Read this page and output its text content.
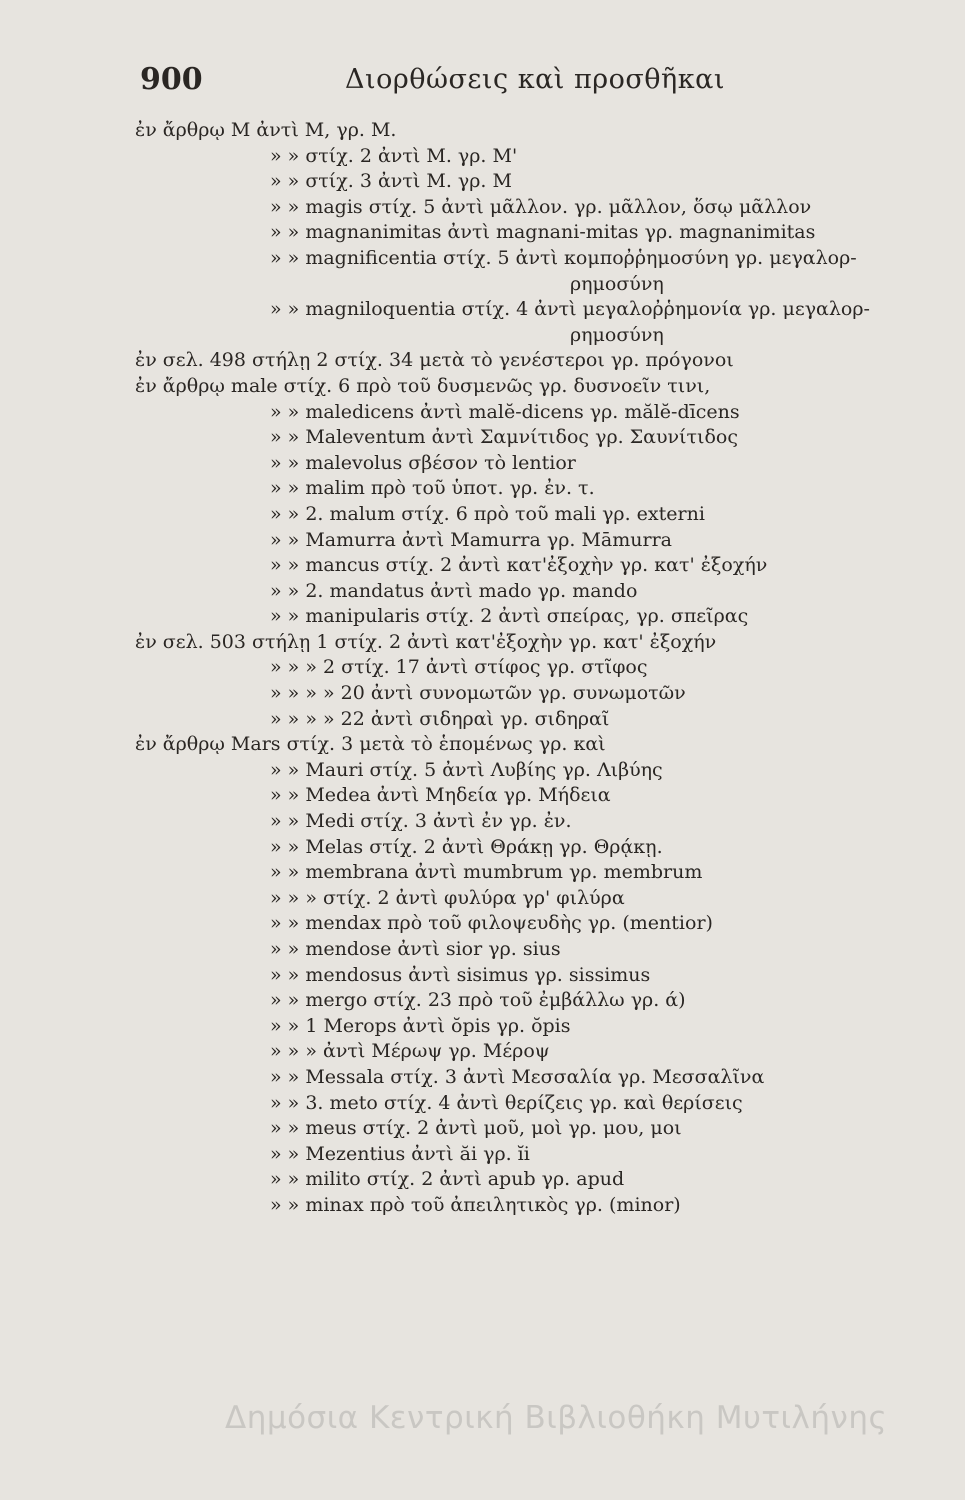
900	Διορθώσεις καὶ προσθῆκαι
ἐν ἄρθρῳ M ἀντὶ M, γρ. M.
» » στίχ. 2 ἀντὶ M. γρ. M'
» » στίχ. 3 ἀντὶ M. γρ. M
» » magis στίχ. 5 ἀντὶ μᾶλλον. γρ. μᾶλλον, ὅσῳ μᾶλλον
» » magnanimitas ἀντὶ magnani-mitas γρ. magnanimitas
» » magnificentia στίχ. 5 ἀντὶ κομποῤῥημοσύνη γρ. μεγαλορ-
ρημοσύνη
» » magniloquentia στίχ. 4 ἀντὶ μεγαλοῤῥημονία γρ. μεγαλορ-
ρημοσύνη
ἐν σελ. 498 στήλῃ 2 στίχ. 34 μετὰ τὸ γενέστεροι γρ. πρόγονοι
ἐν ἄρθρῳ male στίχ. 6 πρὸ τοῦ δυσμενῶς γρ. δυσνοεῖν τινι,
» » maledicens ἀντὶ malĕ-dicens γρ. mălĕ-dīcens
» » Maleventum ἀντὶ Σαμνίτιδος γρ. Σαυνίτιδος
» » malevolus σβέσον τὸ lentior
» » malim πρὸ τοῦ ὑποτ. γρ. ἐν. τ.
» » 2. malum στίχ. 6 πρὸ τοῦ mali γρ. externi
» » Mamurra ἀντὶ Mamurra γρ. Māmurra
» » mancus στίχ. 2 ἀντὶ κατ'ἐξοχὴν γρ. κατ' ἐξοχήν
» » 2. mandatus ἀντὶ mado γρ. mando
» » manipularis στίχ. 2 ἀντὶ σπείρας, γρ. σπεῖρας
ἐν σελ. 503 στήλῃ 1 στίχ. 2 ἀντὶ κατ'ἐξοχὴν γρ. κατ' ἐξοχήν
» » » 2 στίχ. 17 ἀντὶ στίφος γρ. στῖφος
» » » » 20 ἀντὶ συνομωτῶν γρ. συνωμοτῶν
» » » » 22 ἀντὶ σιδηραὶ γρ. σιδηραῖ
ἐν ἄρθρῳ Mars στίχ. 3 μετὰ τὸ ἑπομένως γρ. καὶ
» » Mauri στίχ. 5 ἀντὶ Λυβίης γρ. Λιβύης
» » Medea ἀντὶ Μηδεία γρ. Μήδεια
» » Medi στίχ. 3 ἀντὶ ἐν γρ. ἐν.
» » Melas στίχ. 2 ἀντὶ Θράκῃ γρ. Θρᾴκῃ.
» » membrana ἀντὶ mumbrum γρ. membrum
» » » στίχ. 2 ἀντὶ φυλύρα γρ' φιλύρα
» » mendax πρὸ τοῦ φιλοψευδὴς γρ. (mentior)
» » mendose ἀντὶ sior γρ. sius
» » mendosus ἀντὶ sisimus γρ. sissimus
» » mergo στίχ. 23 πρὸ τοῦ ἐμβάλλω γρ. ά)
» » 1 Merops ἀντὶ ŏpis γρ. ŏpis
» » » ἀντὶ Μέρωψ γρ. Μέροψ
» » Messala στίχ. 3 ἀντὶ Μεσσαλία γρ. Μεσσαλῖνα
» » 3. meto στίχ. 4 ἀντὶ θερίζεις γρ. καὶ θερίσεις
» » meus στίχ. 2 ἀντὶ μοῦ, μοὶ γρ. μου, μοι
» » Mezentius ἀντὶ ăi γρ. ĭi
» » milito στίχ. 2 ἀντὶ apub γρ. apud
» » minax πρὸ τοῦ ἀπειλητικὸς γρ. (minor)
Δημόσια Κεντρική Βιβλιοθήκη Μυτιλήνης
